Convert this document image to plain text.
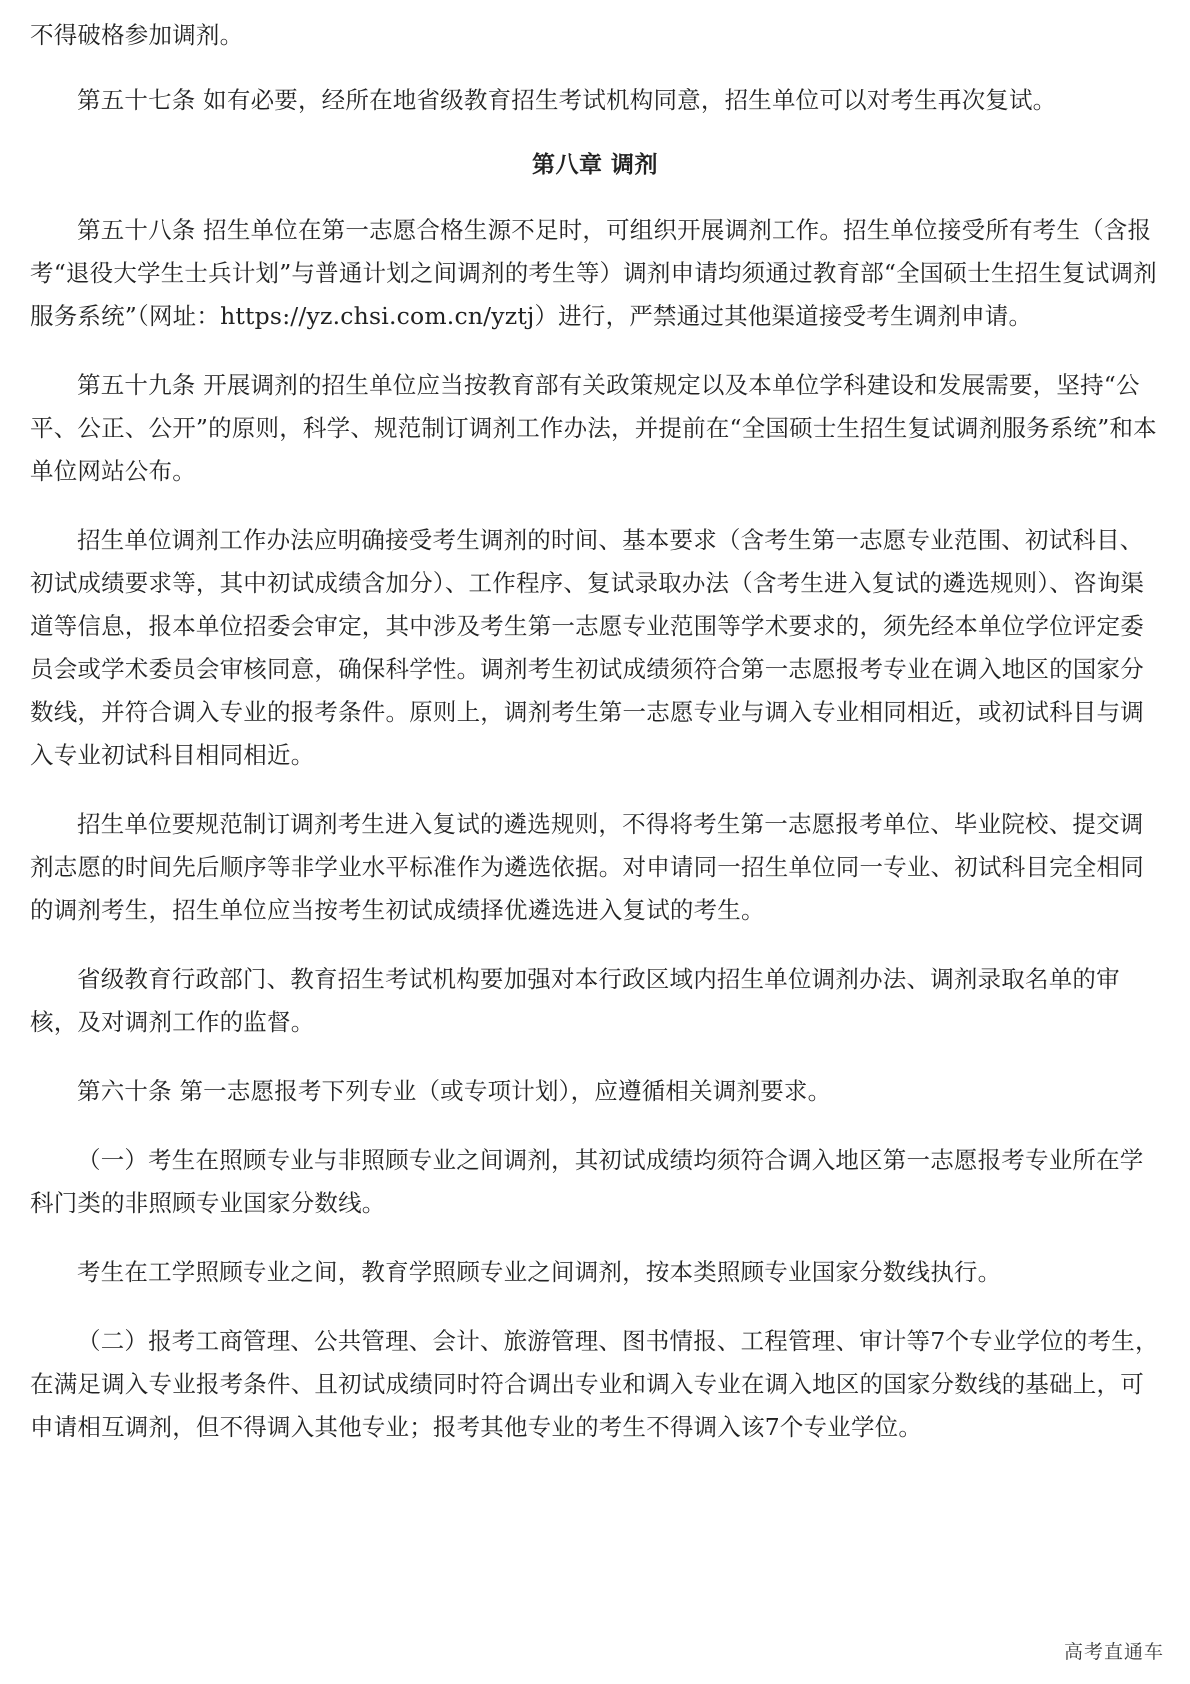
不得破格参加调剂。

第五十七条 如有必要，经所在地省级教育招生考试机构同意，招生单位可以对考生再次复试。

第八章 调剂

第五十八条 招生单位在第一志愿合格生源不足时，可组织开展调剂工作。招生单位接受所有考生（含报考“退役大学生士兵计划”与普通计划之间调剂的考生等）调剂申请均须通过教育部“全国硕士生招生复试调剂服务系统”（网址：https://yz.chsi.com.cn/yztj）进行，严禁通过其他渠道接受考生调剂申请。

第五十九条 开展调剂的招生单位应当按教育部有关政策规定以及本单位学科建设和发展需要，坚持“公平、公正、公开”的原则，科学、规范制订调剂工作办法，并提前在“全国硕士生招生复试调剂服务系统”和本单位网站公布。

招生单位调剂工作办法应明确接受考生调剂的时间、基本要求（含考生第一志愿专业范围、初试科目、初试成绩要求等，其中初试成绩含加分）、工作程序、复试录取办法（含考生进入复试的遴选规则）、咨询渠道等信息，报本单位招委会审定，其中涉及考生第一志愿专业范围等学术要求的，须先经本单位学位评定委员会或学术委员会审核同意，确保科学性。调剂考生初试成绩须符合第一志愿报考专业在调入地区的国家分数线，并符合调入专业的报考条件。原则上，调剂考生第一志愿专业与调入专业相同相近，或初试科目与调入专业初试科目相同相近。

招生单位要规范制订调剂考生进入复试的遴选规则，不得将考生第一志愿报考单位、毕业院校、提交调剂志愿的时间先后顺序等非学业水平标准作为遴选依据。对申请同一招生单位同一专业、初试科目完全相同的调剂考生，招生单位应当按考生初试成绩择优遴选进入复试的考生。

省级教育行政部门、教育招生考试机构要加强对本行政区域内招生单位调剂办法、调剂录取名单的审核，及对调剂工作的监督。

第六十条 第一志愿报考下列专业（或专项计划），应遵循相关调剂要求。

（一）考生在照顾专业与非照顾专业之间调剂，其初试成绩均须符合调入地区第一志愿报考专业所在学科门类的非照顾专业国家分数线。

考生在工学照顾专业之间，教育学照顾专业之间调剂，按本类照顾专业国家分数线执行。

（二）报考工商管理、公共管理、会计、旅游管理、图书情报、工程管理、审计等7个专业学位的考生，在满足调入专业报考条件、且初试成绩同时符合调出专业和调入专业在调入地区的国家分数线的基础上，可申请相互调剂，但不得调入其他专业；报考其他专业的考生不得调入该7个专业学位。

高考直通车
